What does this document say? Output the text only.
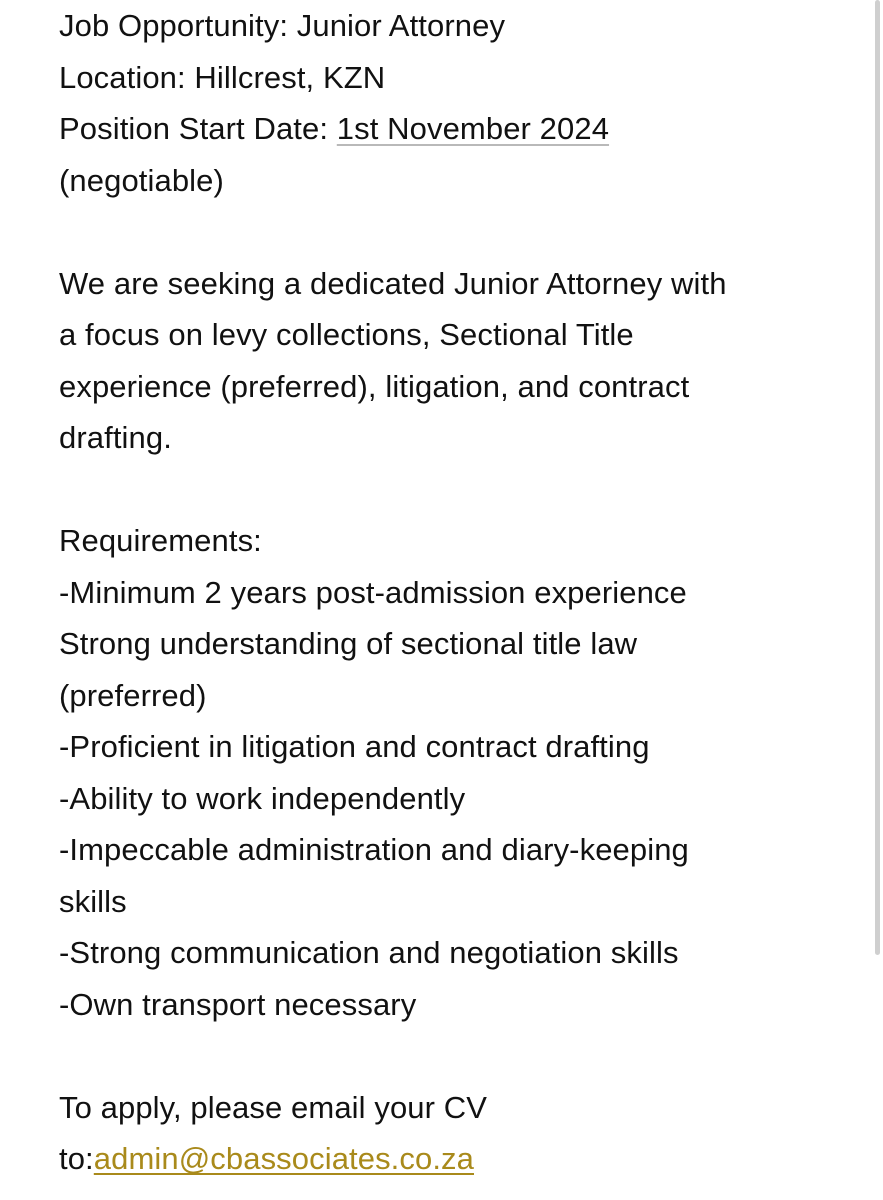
Job Opportunity: Junior Attorney
Location: Hillcrest, KZN
Position Start Date: 1st November 2024
(negotiable)
We are seeking a dedicated Junior Attorney with
a focus on levy collections, Sectional Title
experience (preferred), litigation, and contract
drafting.
Requirements:
-Minimum 2 years post-admission experience
Strong understanding of sectional title law
(preferred)
-Proficient in litigation and contract drafting
-Ability to work independently
-Impeccable administration and diary-keeping
skills
-Strong communication and negotiation skills
-Own transport necessary
To apply, please email your CV
to:admin@cbassociates.co.za
